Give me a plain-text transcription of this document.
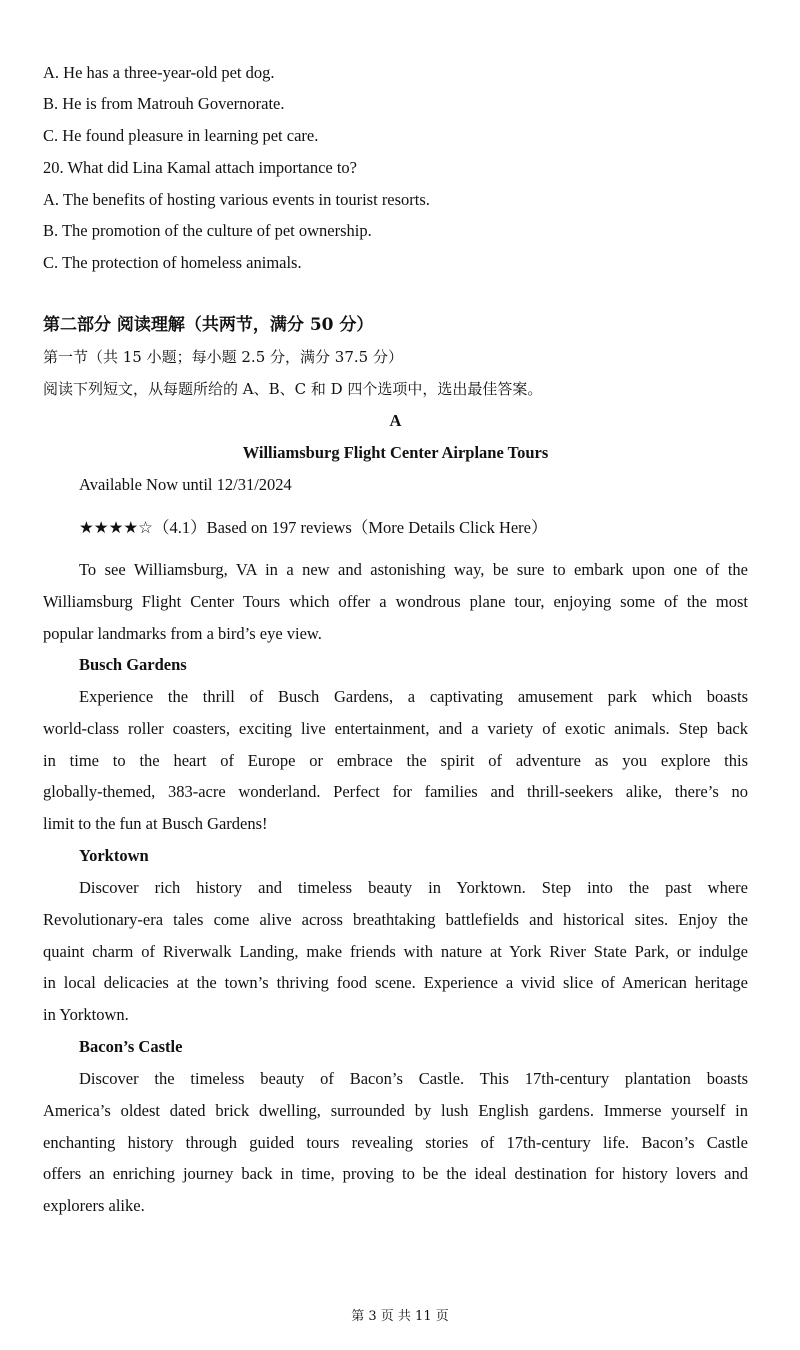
A. He has a three-year-old pet dog.
B. He is from Matrouh Governorate.
C. He found pleasure in learning pet care.
20. What did Lina Kamal attach importance to?
A. The benefits of hosting various events in tourist resorts.
B. The promotion of the culture of pet ownership.
C. The protection of homeless animals.
第二部分 阅读理解（共两节，满分 50 分）
第一节（共 15 小题；每小题 2.5 分，满分 37.5 分）
阅读下列短文，从每题所给的 A、B、C 和 D 四个选项中，选出最佳答案。
A
Williamsburg Flight Center Airplane Tours
Available Now until 12/31/2024
★★★★☆（4.1）Based on 197 reviews（More Details Click Here）
To see Williamsburg, VA in a new and astonishing way, be sure to embark upon one of the
Williamsburg Flight Center Tours which offer a wondrous plane tour, enjoying some of the most
popular landmarks from a bird’s eye view.
Busch Gardens
Experience the thrill of Busch Gardens, a captivating amusement park which boasts
world-class roller coasters, exciting live entertainment, and a variety of exotic animals. Step back
in time to the heart of Europe or embrace the spirit of adventure as you explore this
globally-themed, 383-acre wonderland. Perfect for families and thrill-seekers alike, there’s no
limit to the fun at Busch Gardens!
Yorktown
Discover rich history and timeless beauty in Yorktown. Step into the past where
Revolutionary-era tales come alive across breathtaking battlefields and historical sites. Enjoy the
quaint charm of Riverwalk Landing, make friends with nature at York River State Park, or indulge
in local delicacies at the town’s thriving food scene. Experience a vivid slice of American heritage
in Yorktown.
Bacon’s Castle
Discover the timeless beauty of Bacon’s Castle. This 17th-century plantation boasts
America’s oldest dated brick dwelling, surrounded by lush English gardens. Immerse yourself in
enchanting history through guided tours revealing stories of 17th-century life. Bacon’s Castle
offers an enriching journey back in time, proving to be the ideal destination for history lovers and
explorers alike.
第 3 页 共 11 页
